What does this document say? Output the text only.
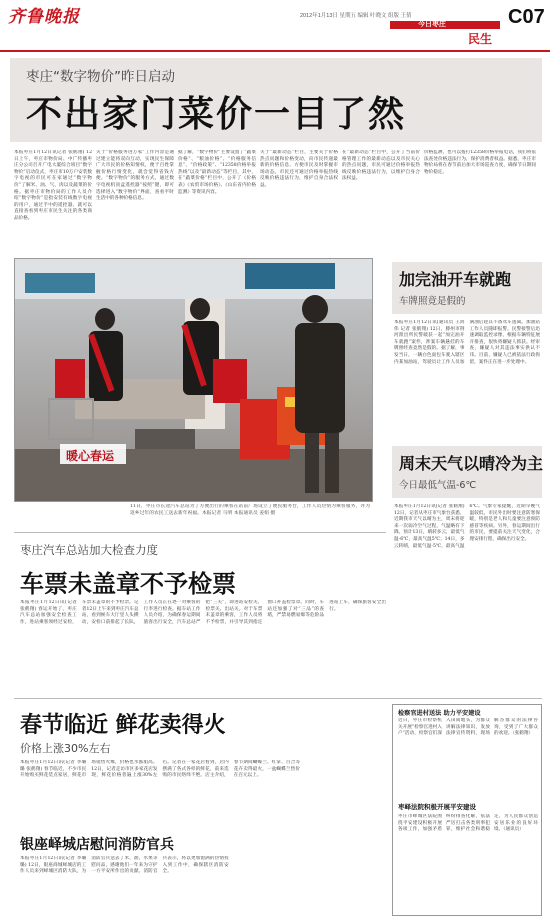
齐鲁晚报	2012年1月13日 星期五 编辑 叶晓文 组版 王倩
今日枣庄
民生
C07
枣庄“数字物价”昨日启动
不出家门菜价一目了然
本报枣庄1月12日讯记者 张鹤翔) 12日上午，枣庄市物价局、中广传播枣庄分公司召开广电大厦综合项目“数字物价”启动仪式，枣庄市10万户安装数字电视的市民可在家通过“数字物价”了解米、油、气、肉以及蔬菜的价格。据枣庄市物价局的工作人员介绍“数字物价”是指安装有线数字电视的用户，通过手中的遥控器，就可以直接查看到枣庄市民生关注的各类商品价格。
关于“价格服务进万家”工作内容是通过建立能将双向互动，实现民生保障广大市民的价格知情权，便于百姓掌握价格行情变化，就会觉得省钱方便。“数字物价”的服务方式，通过数字电视机顶盒遥控器“按照”键，即可选择进入“数字物价”界面，查看平时生活中的各种价格信息。
据了解，“数字物价”主要设置了“蔬菜价格”、“粮油价格”、“价格服务信息”、“价格政策”、“12358价格举报热线”以及“最新动态”等栏目，其中，在“蔬菜价格”栏目中，公开了《价格表》《农贸市场价格》、《山东省内价格监测》等资讯内容。
关于“最新动态”栏目，主要关于价格热点问题和价格变动，向市民传递最新的价格信息，方便市民及时掌握市场动态。市民还可通过价格举报热线反映价格违法行为，维护自身合法权益。
在“最新动态”栏目中，公开了当前价格管理工作的最新动态以及市民关心的热点问题，市民可通过价格举报热线反映价格违法行为，以维护自身合法权益。
价格监测，也可以拨打12358价格举报电话，我们将依法查处价格违法行为，保护消费者权益。据悉，枣庄市物价局将在春节前后加大市场巡查力度，确保节日期间物价稳定。
暖心春运
11日，枣庄市长途汽车总站为了方便出行的乘客在站前广场设立了便民服务台，工作人员热情为乘客服务，并为返乡过年的农民工送去新年祝福。本报记者 马明 本报通讯员 姜娟 摄
加完油开车就跑
车牌照竟是假的
本报枣庄1月12日讯(通讯员 王鸿伟 记者 张鹤翔) 12日，滕州市荆河派出所民警破获一起“加完油开车就跑”案件，涉案车辆悬挂的车牌照经查竟然是假的。据了解，事发当日，一辆白色面包车驶入辖区内某加油站，驾驶员让工作人员加满油后趁其不备驾车逃离。加油站工作人员随即报警。民警接警后迅速调取监控录像，根据车辆特征展开排查，很快将嫌疑人抓获。经审查，嫌疑人对其违法事实供认不讳。目前，嫌疑人已被依法行政拘留，案件正在进一步处理中。
周末天气以晴冷为主
今日最低气温-6℃
本报枣庄1月12日讯(记者 张鹤翔) 12日，记者从枣庄市气象台获悉，近期我市天气以晴为主，周末将迎来一次弱冷空气过程，气温略有下降。预计13日，晴转多云，最低气温-6℃，最高气温5℃；14日，多云转晴，最低气温-5℃，最高气温6℃。气象专家提醒，近期早晚气温较低，市民外出时要注意防寒保暖，特别是老人和儿童要注意预防感冒等疾病。另外，春运期间出行的市民，要提前关注天气变化，合理安排行程，确保出行安全。
枣庄汽车总站加大检查力度
车票未盖章不予检票
本报枣庄1月12日讯(记者 张鹤翔) 春运开始了，枣庄汽车总站加强安全检查工作，进站乘客须经过安检，车票未盖章的不予检票。记者12日上午来到枣庄汽车总站，看到候车大厅里人头攒动，安检口前排起了长队，工作人员正在逐一对乘客的行李进行检查。据车站工作人员介绍，为确保春运期间旅客出行安全，汽车总站严把“三关”，即进站安检关、检票关、出站关。对于车票未盖章的乘客，工作人员将不予检票，并引导其到指定窗口补盖检票章。同时，车站还加强了对“三品”的查堵，严禁易燃易爆等危险品进站上车，确保旅客安全出行。
春节临近 鲜花卖得火
价格上涨30%左右
本报枣庄1月12日讯(记者 李璐璐 张鹤翔) 春节临近，不少市民开始购买鲜花装点家居，鲜花市场销售火爆，价格也水涨船高。12日，记者走访市区多家花店发现，鲜花价格普遍上涨30%左右。记者在一家花店看到，店内摆满了各式各样的鲜花，前来选购的市民络绎不绝。店主介绍，春节期间蝴蝶兰、红掌、百合等花卉卖得最火，一盆蝴蝶兰售价在百元以上。
银座峄城店慰问消防官兵
本报枣庄1月12日讯(记者 李璐璐) 12日，银座商城峄城店的工作人员来到峄城区消防大队，为消防官兵送去了米、油、水果等慰问品，感谢他们一年来为守护一方平安所作出的贡献。消防官兵表示，将以更加饱满的热情投入到工作中，确保辖区消防安全。
检察官进村送法 助力平安建设
近日，枣庄市检察机关开展“检察官进村入户”活动，检察官们深入田间地头，为群众讲解法律知识，发放法律宣传资料，现场解答群众的法律咨询，受到了广大群众的欢迎。（张鹤翔）
枣峄法院积极开展平安建设
枣庄市峄城区法院围绕平安建设积极开展各项工作，加强矛盾纠纷排查化解，依法严厉打击各类刑事犯罪，维护社会和谐稳定，为人民群众创造安居乐业的良好环境。（通讯员）
